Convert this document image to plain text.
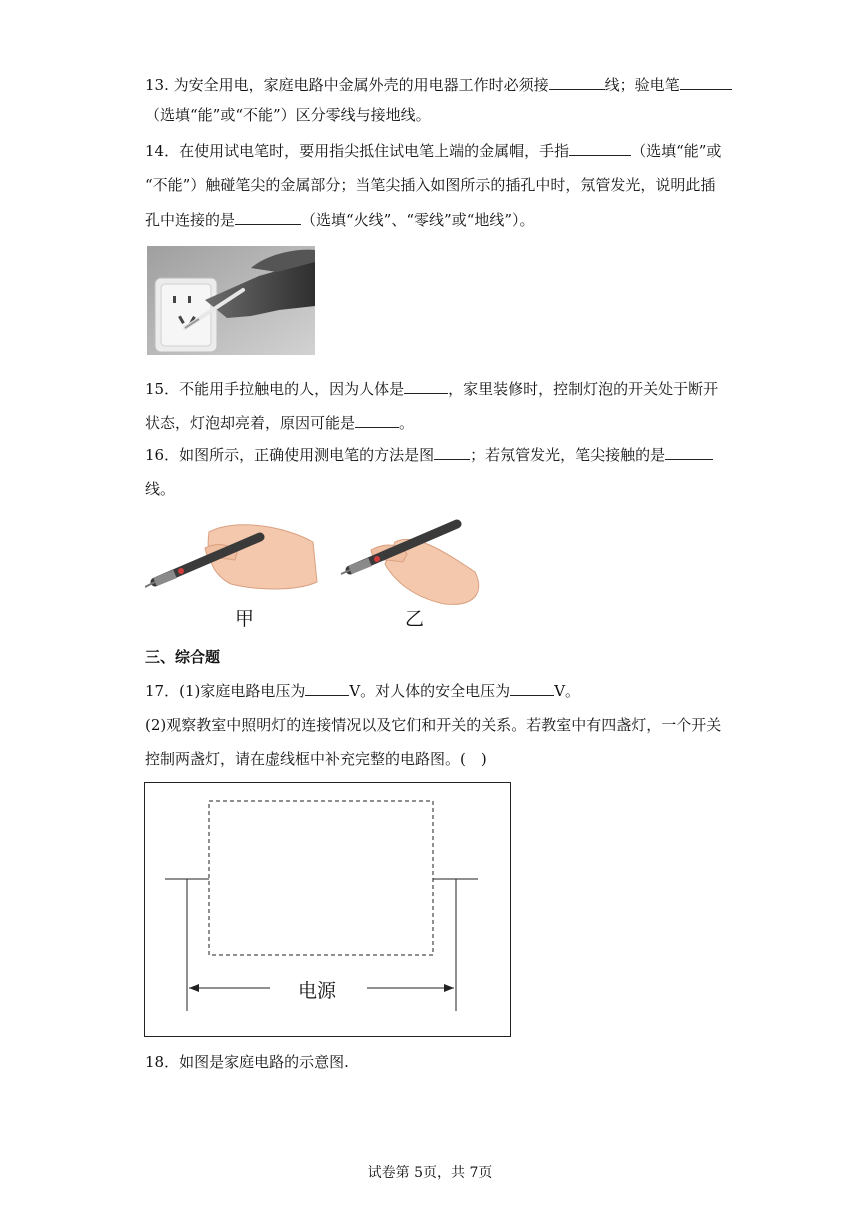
13. 为安全用电，家庭电路中金属外壳的用电器工作时必须接	线；验电笔
（选填“能”或“不能”）区分零线与接地线。
14．在使用试电笔时，要用指尖抵住试电笔上端的金属帽，手指	（选填“能”或
“不能”）触碰笔尖的金属部分；当笔尖插入如图所示的插孔中时，氖管发光，说明此插
孔中连接的是	（选填“火线”、“零线”或“地线”）。
15．不能用手拉触电的人，因为人体是	，家里装修时，控制灯泡的开关处于断开
状态，灯泡却亮着，原因可能是	。
16．如图所示，正确使用测电笔的方法是图 ；若氖管发光，笔尖接触的是
线。
甲	乙
三、综合题
17．(1)家庭电路电压为	V。对人体的安全电压为	V。
(2)观察教室中照明灯的连接情况以及它们和开关的关系。若教室中有四盏灯，一个开关
控制两盏灯，请在虚线框中补充完整的电路图。(　)
电源
18．如图是家庭电路的示意图.
试卷第 5页，共 7页
